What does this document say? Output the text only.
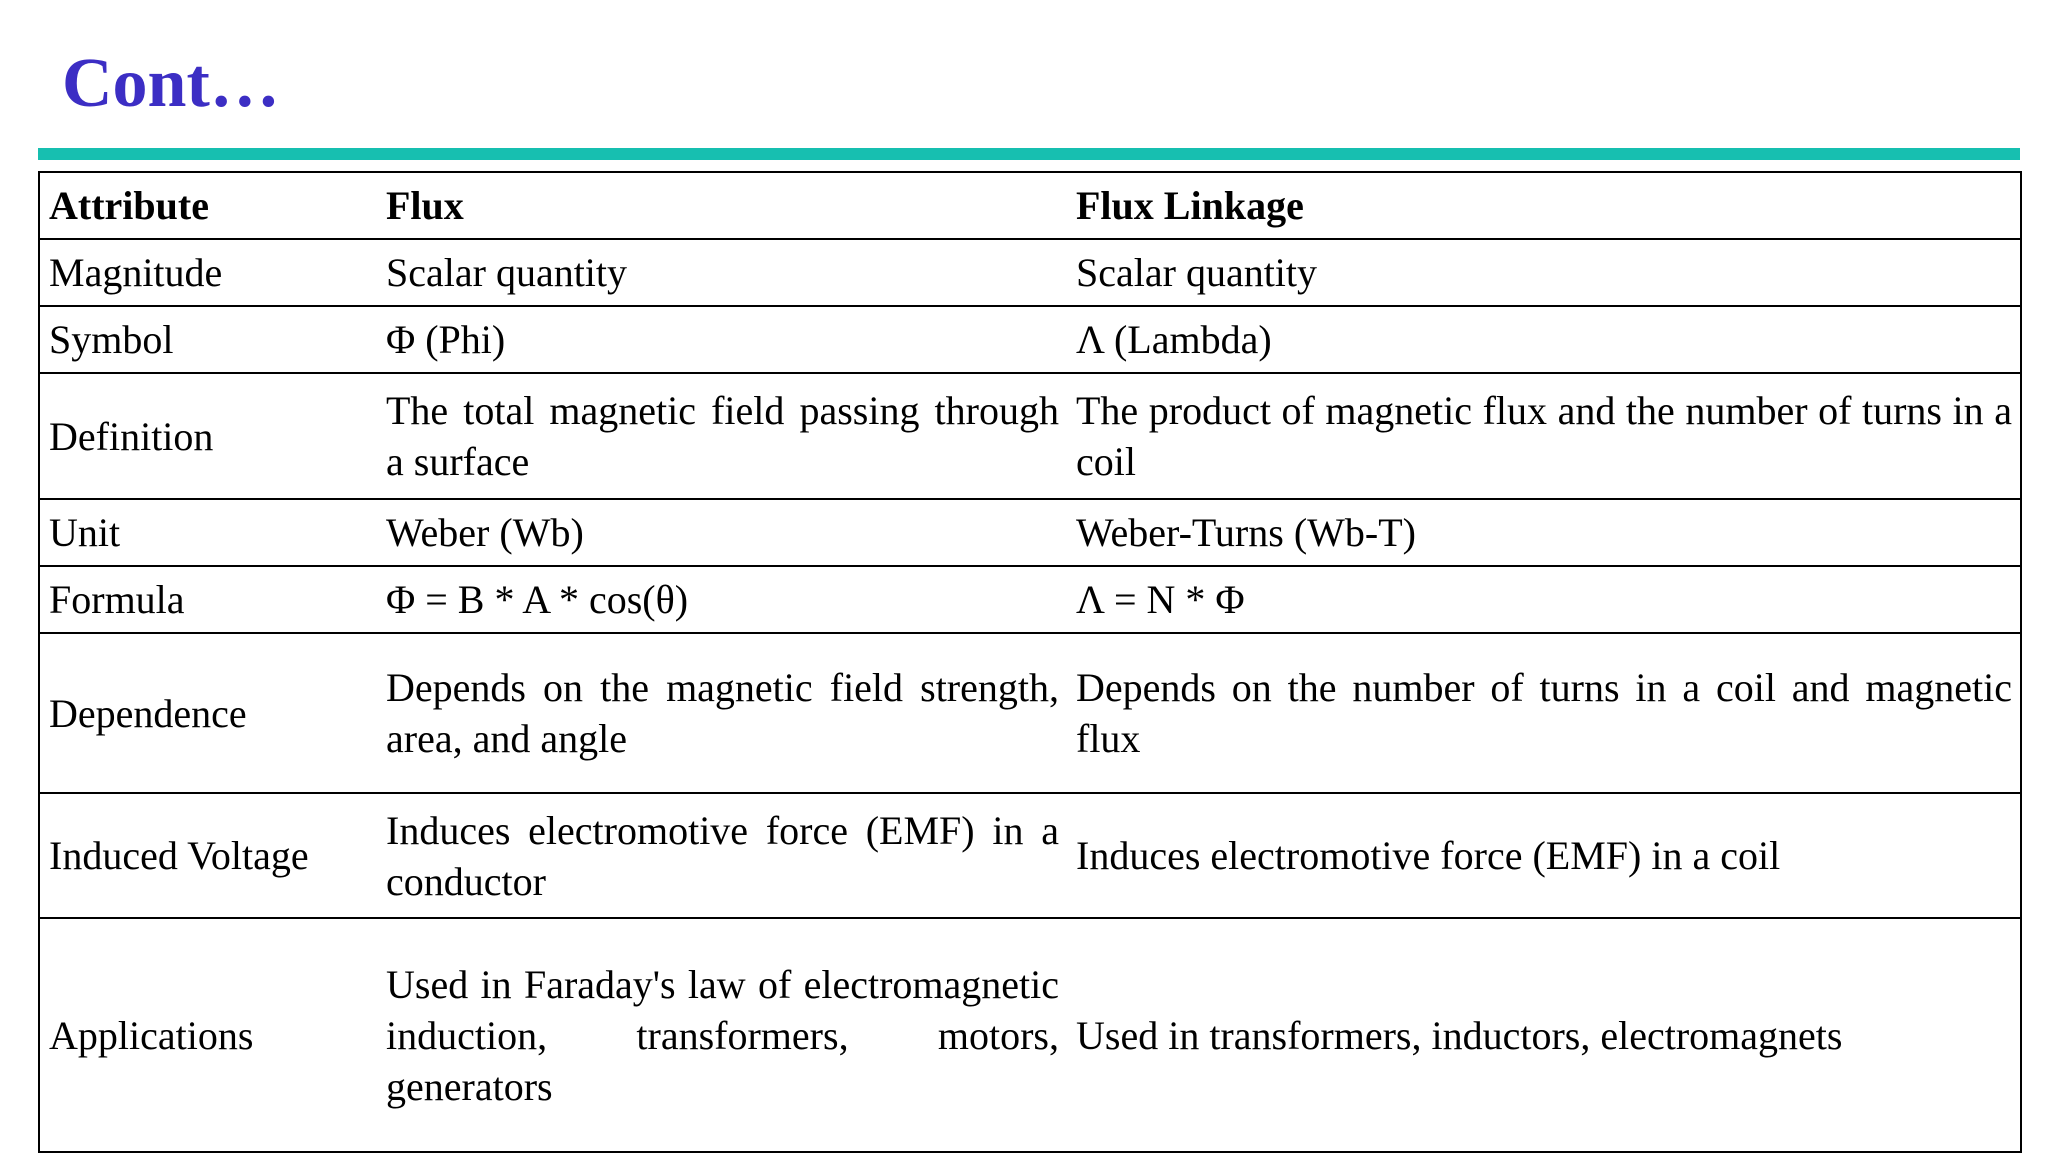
Cont…
Attribute	Flux	Flux Linkage
Magnitude	Scalar quantity	Scalar quantity
Symbol	Φ (Phi)	Λ (Lambda)
Definition	The total magnetic field passing through a surface	The product of magnetic flux and the number of turns in a coil
Unit	Weber (Wb)	Weber-Turns (Wb-T)
Formula	Φ = B * A * cos(θ)	Λ = N * Φ
Dependence	Depends on the magnetic field strength, area, and angle	Depends on the number of turns in a coil and magnetic flux
Induced Voltage	Induces electromotive force (EMF) in a conductor	Induces electromotive force (EMF) in a coil
Applications	Used in Faraday's law of electromagnetic induction, transformers, motors, generators	Used in transformers, inductors, electromagnets
